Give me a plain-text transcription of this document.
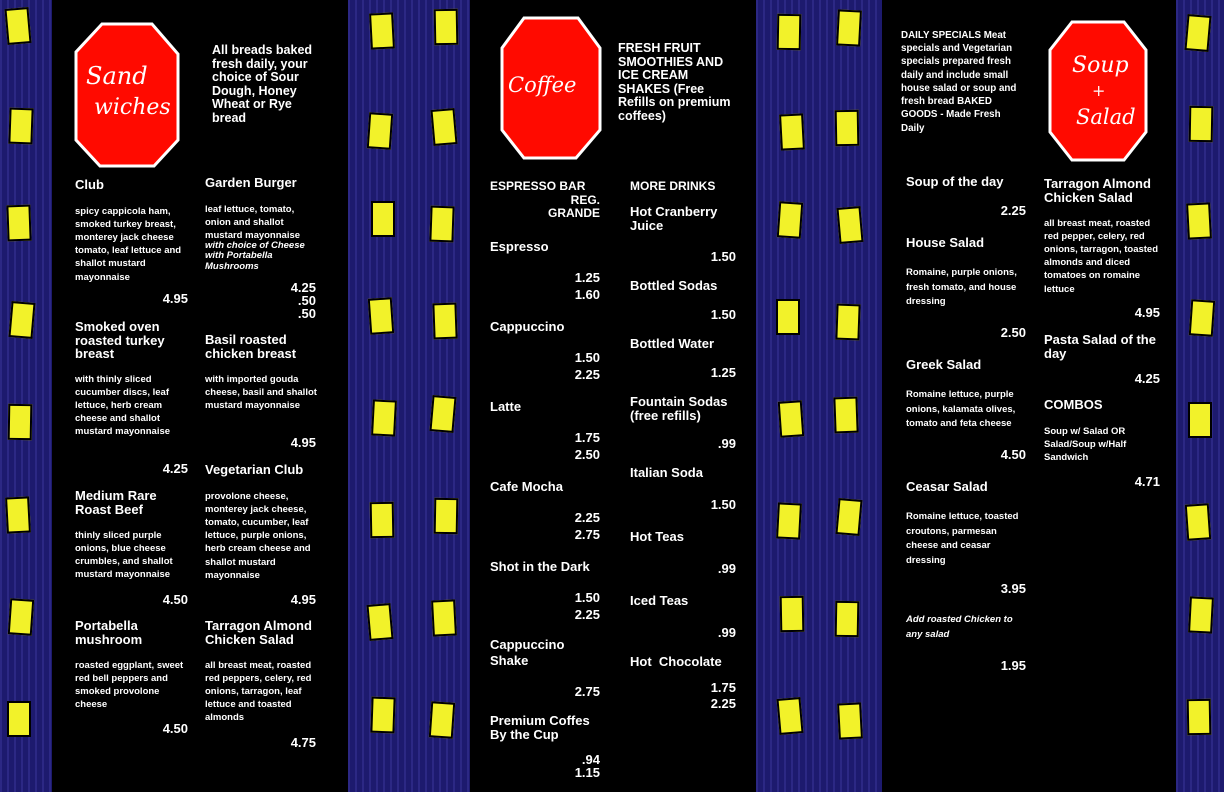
Sand
wiches
All breads baked fresh daily, your choice of Sour Dough, Honey Wheat or Rye bread
Club
spicy cappicola ham, smoked turkey breast, monterey jack cheese tomato, leaf lettuce and shallot mustard mayonnaise
4.95
Smoked oven roasted turkey breast
with thinly sliced cucumber discs, leaf lettuce, herb cream cheese and shallot mustard mayonnaise
4.25
Medium Rare Roast Beef
thinly sliced purple onions, blue cheese crumbles, and shallot mustard mayonnaise
4.50
Portabella mushroom
roasted eggplant, sweet red bell peppers and smoked provolone cheese
4.50
Garden Burger
leaf lettuce, tomato, onion and shallot mustard mayonnaise
with choice of Cheese with Portabella Mushrooms
4.25
.50
.50
Basil roasted chicken breast
with imported gouda cheese, basil and shallot mustard mayonnaise
4.95
Vegetarian Club
provolone cheese, monterey jack cheese, tomato, cucumber, leaf lettuce, purple onions, herb cream cheese and shallot mustard mayonnaise
4.95
Tarragon Almond Chicken Salad
all breast meat, roasted red peppers, celery, red onions, tarragon, leaf lettuce and toasted almonds
4.75
Coffee
FRESH FRUIT SMOOTHIES AND ICE CREAM SHAKES (Free Refills on premium coffees)
ESPRESSO BAR
REG. GRANDE
Espresso
1.25
1.60
Cappuccino
1.50
2.25
Latte
1.75
2.50
Cafe Mocha
2.25
2.75
Shot in the Dark
1.50
2.25
Cappuccino Shake
2.75
Premium Coffes By the Cup
.94
1.15
MORE DRINKS
Hot Cranberry Juice
1.50
Bottled Sodas
1.50
Bottled Water
1.25
Fountain Sodas (free refills)
.99
Italian Soda
1.50
Hot Teas
.99
Iced Teas
.99
Hot  Chocolate
1.75
2.25
DAILY SPECIALS Meat specials and Vegetarian specials prepared fresh daily and include small house salad or soup and fresh bread BAKED GOODS - Made Fresh Daily
Soup
+
Salad
Soup of the day
2.25
House Salad
Romaine, purple onions, fresh tomato, and house dressing
2.50
Greek Salad
Romaine lettuce, purple onions, kalamata olives, tomato and feta cheese
4.50
Ceasar Salad
Romaine lettuce, toasted croutons, parmesan cheese and ceasar dressing
3.95
Add roasted Chicken to any salad
1.95
Tarragon Almond Chicken Salad
all breast meat, roasted red pepper, celery, red onions, tarragon, toasted almonds and diced tomatoes on romaine lettuce
4.95
Pasta Salad of the day
4.25
COMBOS
Soup w/ Salad OR Salad/Soup w/Half Sandwich
4.71
